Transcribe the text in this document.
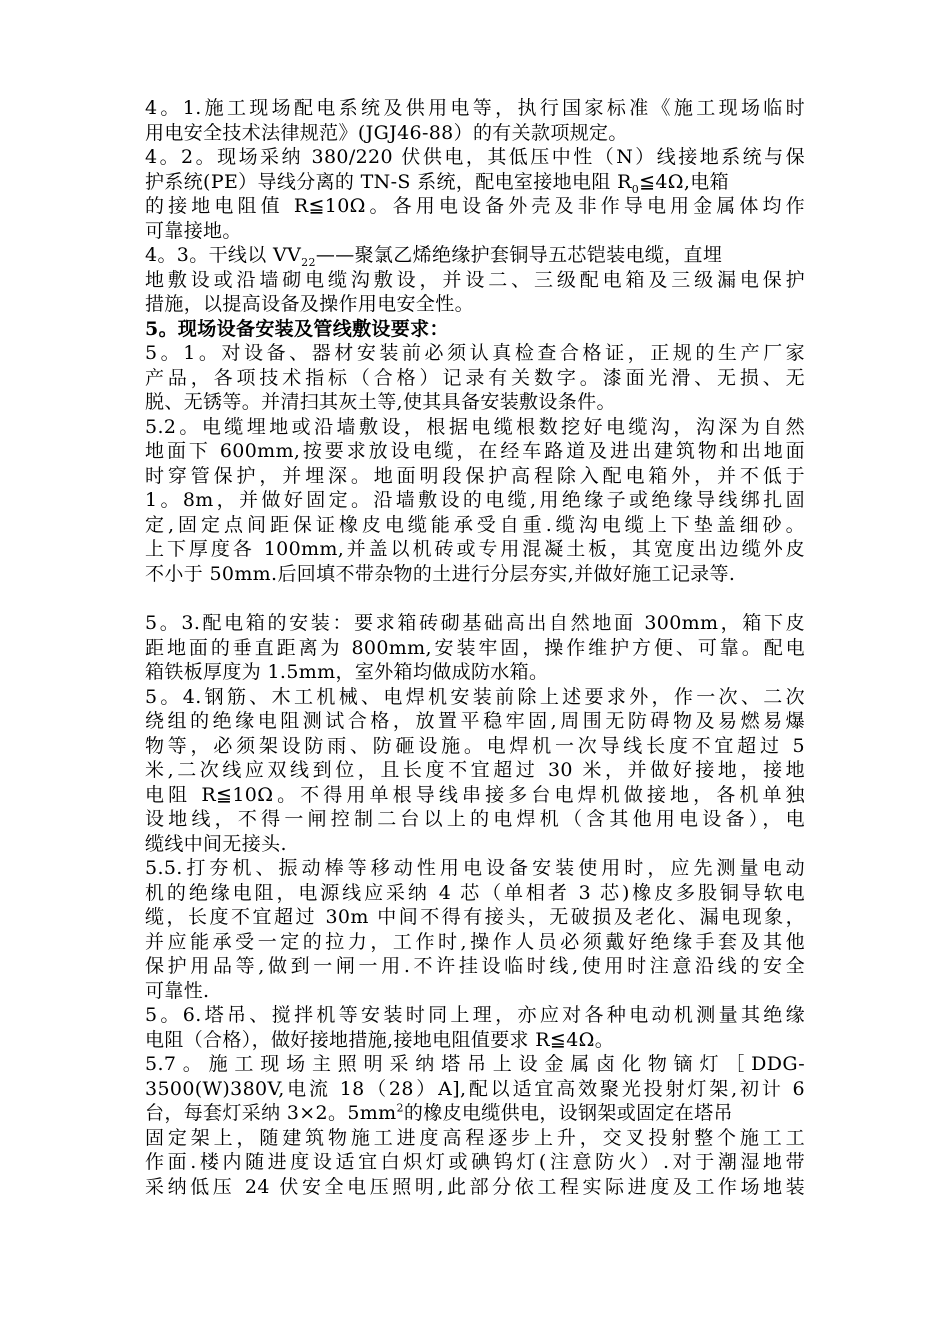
4。1.施工现场配电系统及供用电等，执行国家标准《施工现场临时
用电安全技术法律规范》(JGJ46-88）的有关款项规定。
4。2。现场采纳 380/220 伏供电，其低压中性（N）线接地系统与保
护系统(PE）导线分离的 TN-S 系统，配电室接地电阻 $R_0≦4\Omega$,电箱
的接地电阻值 R≦10Ω。各用电设备外壳及非作导电用金属体均作
可靠接地。
4。3。干线以 $VV_{22}——$聚氯乙烯绝缘护套铜导五芯铠装电缆，直埋
地敷设或沿墙砌电缆沟敷设，并设二、三级配电箱及三级漏电保护
措施，以提高设备及操作用电安全性。
5。现场设备安装及管线敷设要求：
5。1。对设备、器材安装前必须认真检查合格证，正规的生产厂家
产品，各项技术指标（合格）记录有关数字。漆面光滑、无损、无
脱、无锈等。并清扫其灰土等,使其具备安装敷设条件。
5.2。电缆埋地或沿墙敷设，根据电缆根数挖好电缆沟，沟深为自然
地面下 600mm,按要求放设电缆，在经车路道及进出建筑物和出地面
时穿管保护，并埋深。地面明段保护高程除入配电箱外，并不低于
1。8m，并做好固定。沿墙敷设的电缆,用绝缘子或绝缘导线绑扎固
定,固定点间距保证橡皮电缆能承受自重.缆沟电缆上下垫盖细砂。
上下厚度各 100mm,并盖以机砖或专用混凝土板，其宽度出边缆外皮
不小于 50mm.后回填不带杂物的土进行分层夯实,并做好施工记录等.
5。3.配电箱的安装：要求箱砖砌基础高出自然地面 300mm，箱下皮
距地面的垂直距离为 800mm,安装牢固，操作维护方便、可靠。配电
箱铁板厚度为 1.5mm，室外箱均做成防水箱。
5。4.钢筋、木工机械、电焊机安装前除上述要求外，作一次、二次
绕组的绝缘电阻测试合格，放置平稳牢固,周围无防碍物及易燃易爆
物等，必须架设防雨、防砸设施。电焊机一次导线长度不宜超过 5
米,二次线应双线到位，且长度不宜超过 30 米，并做好接地，接地
电阻 R≦10Ω。不得用单根导线串接多台电焊机做接地，各机单独
设地线，不得一闸控制二台以上的电焊机（含其他用电设备），电
缆线中间无接头.
5.5.打夯机、振动棒等移动性用电设备安装使用时，应先测量电动
机的绝缘电阻，电源线应采纳 4 芯（单相者 3 芯)橡皮多股铜导软电
缆，长度不宜超过 30m 中间不得有接头，无破损及老化、漏电现象，
并应能承受一定的拉力，工作时,操作人员必须戴好绝缘手套及其他
保护用品等,做到一闸一用.不许挂设临时线,使用时注意沿线的安全
可靠性.
5。6.塔吊、搅拌机等安装时同上理，亦应对各种电动机测量其绝缘
电阻（合格），做好接地措施,接地电阻值要求 R≦4Ω。
5.7。施工现场主照明采纳塔吊上设金属卤化物镝灯［DDG-
3500(W)380V,电流 18（28）A],配以适宜高效聚光投射灯架,初计 6
台，每套灯采纳 3×2。$5mm^2$的橡皮电缆供电，设钢架或固定在塔吊
固定架上，随建筑物施工进度高程逐步上升，交叉投射整个施工工
作面.楼内随进度设适宜白炽灯或碘钨灯(注意防火）.对于潮湿地带
采纳低压 24 伏安全电压照明,此部分依工程实际进度及工作场地装
